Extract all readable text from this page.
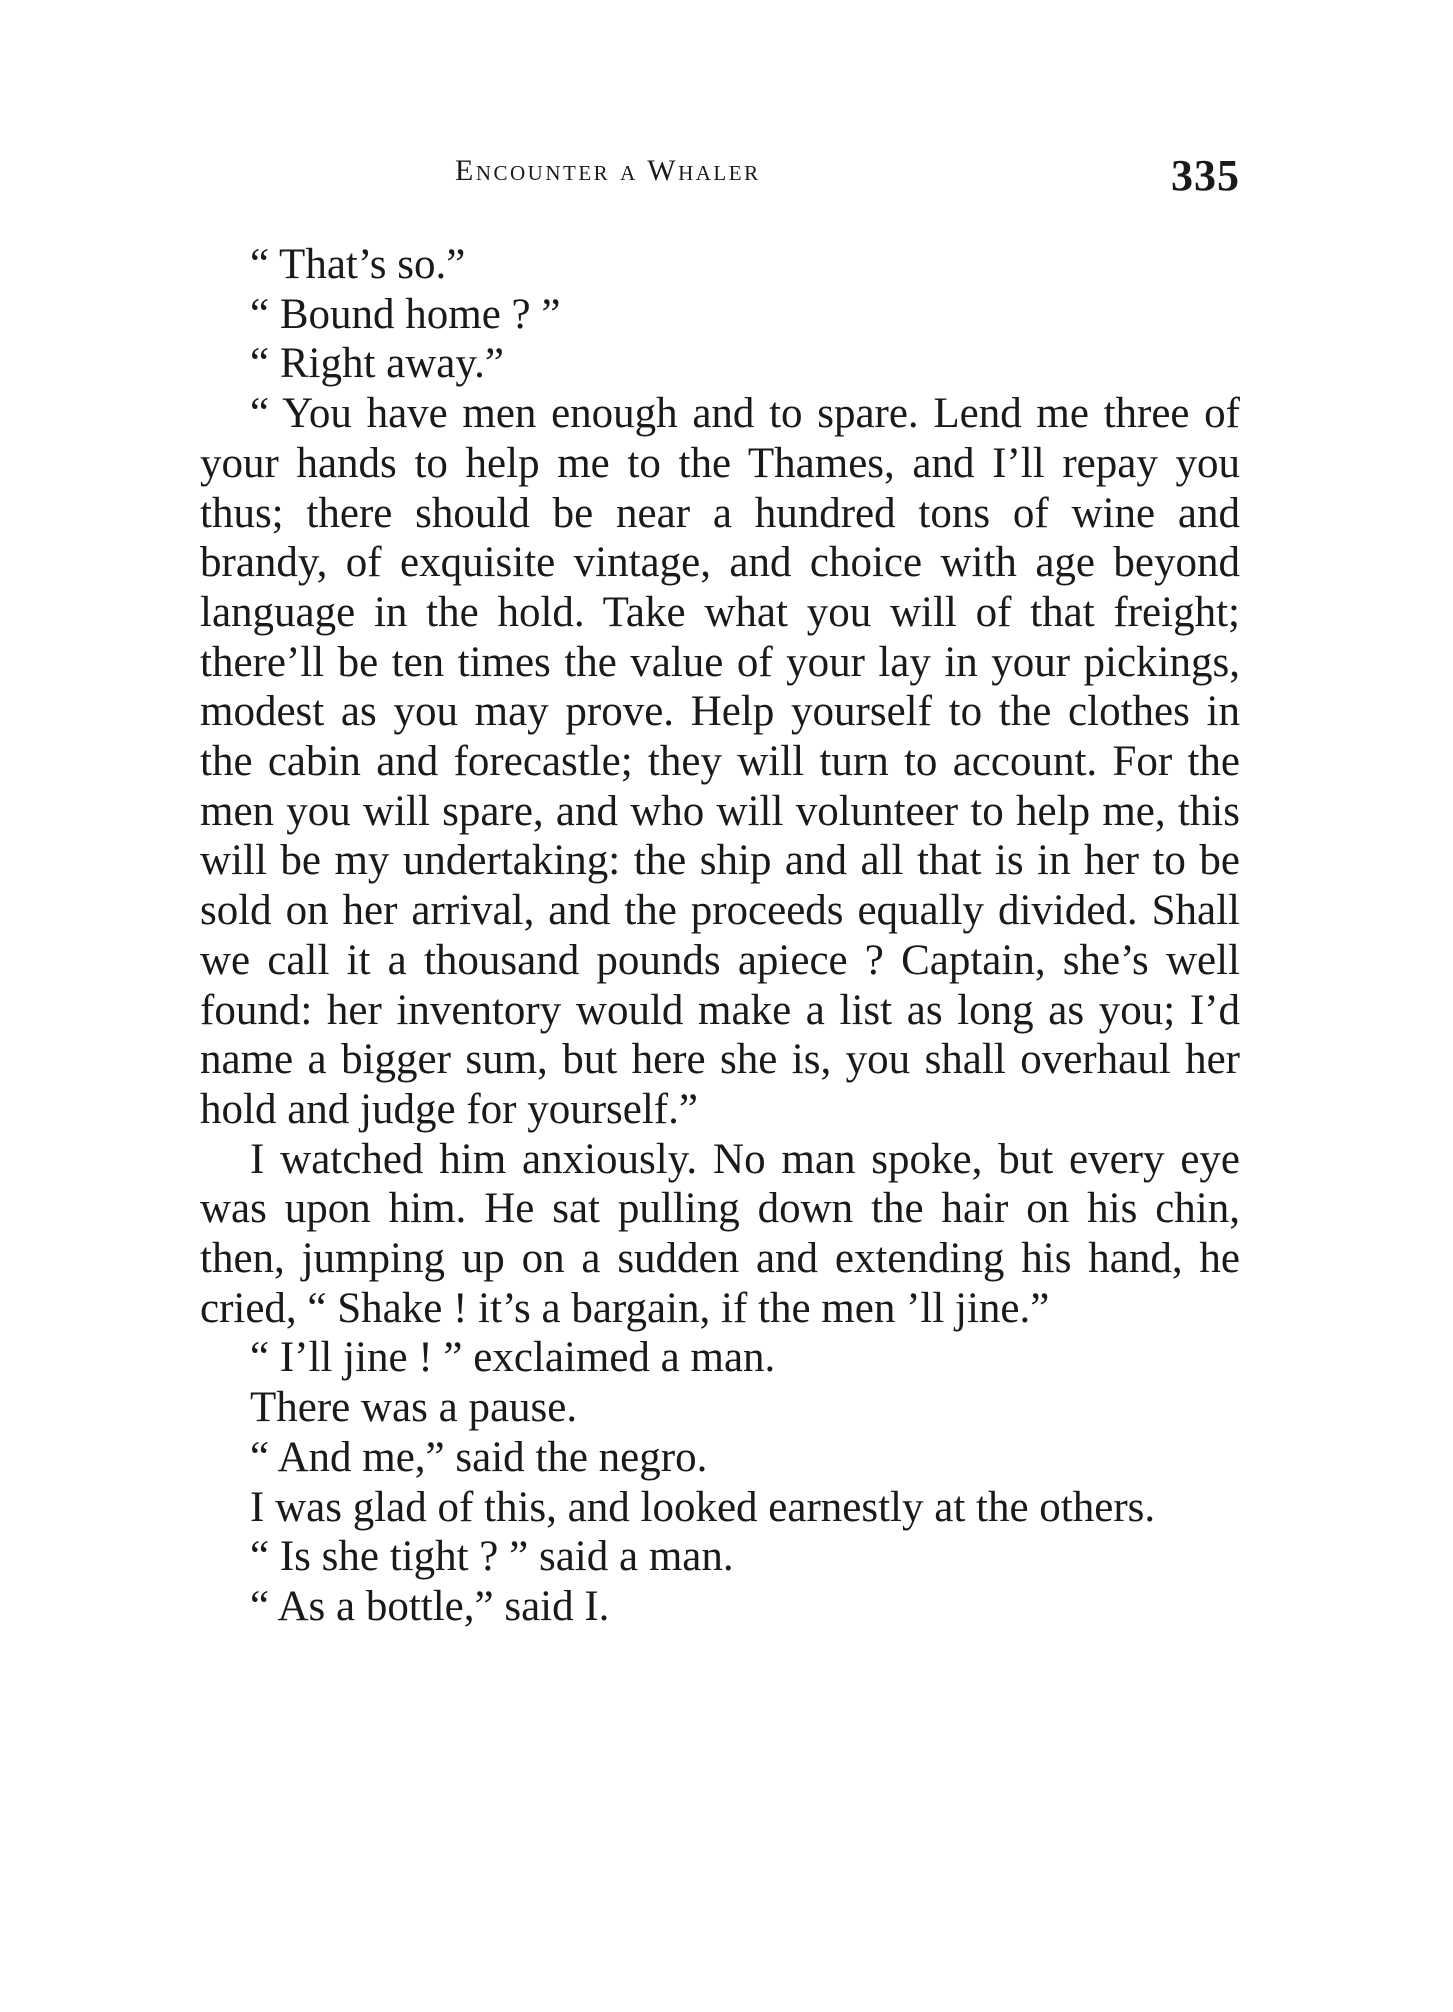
Encounter a Whaler	335

“ That’s so.”

“ Bound home ? ”

“ Right away.”

“ You have men enough and to spare. Lend me three of your hands to help me to the Thames, and I’ll repay you thus; there should be near a hundred tons of wine and brandy, of exquisite vintage, and choice with age beyond language in the hold. Take what you will of that freight; there’ll be ten times the value of your lay in your pickings, modest as you may prove. Help yourself to the clothes in the cabin and forecastle; they will turn to account. For the men you will spare, and who will volunteer to help me, this will be my undertaking: the ship and all that is in her to be sold on her arrival, and the proceeds equally divided. Shall we call it a thousand pounds apiece ? Captain, she’s well found: her inventory would make a list as long as you; I’d name a bigger sum, but here she is, you shall overhaul her hold and judge for yourself.”

I watched him anxiously. No man spoke, but every eye was upon him. He sat pulling down the hair on his chin, then, jumping up on a sudden and extending his hand, he cried, “ Shake ! it’s a bargain, if the men ’ll jine.”

“ I’ll jine ! ” exclaimed a man.

There was a pause.

“ And me,” said the negro.

I was glad of this, and looked earnestly at the others.

“ Is she tight ? ” said a man.

“ As a bottle,” said I.
